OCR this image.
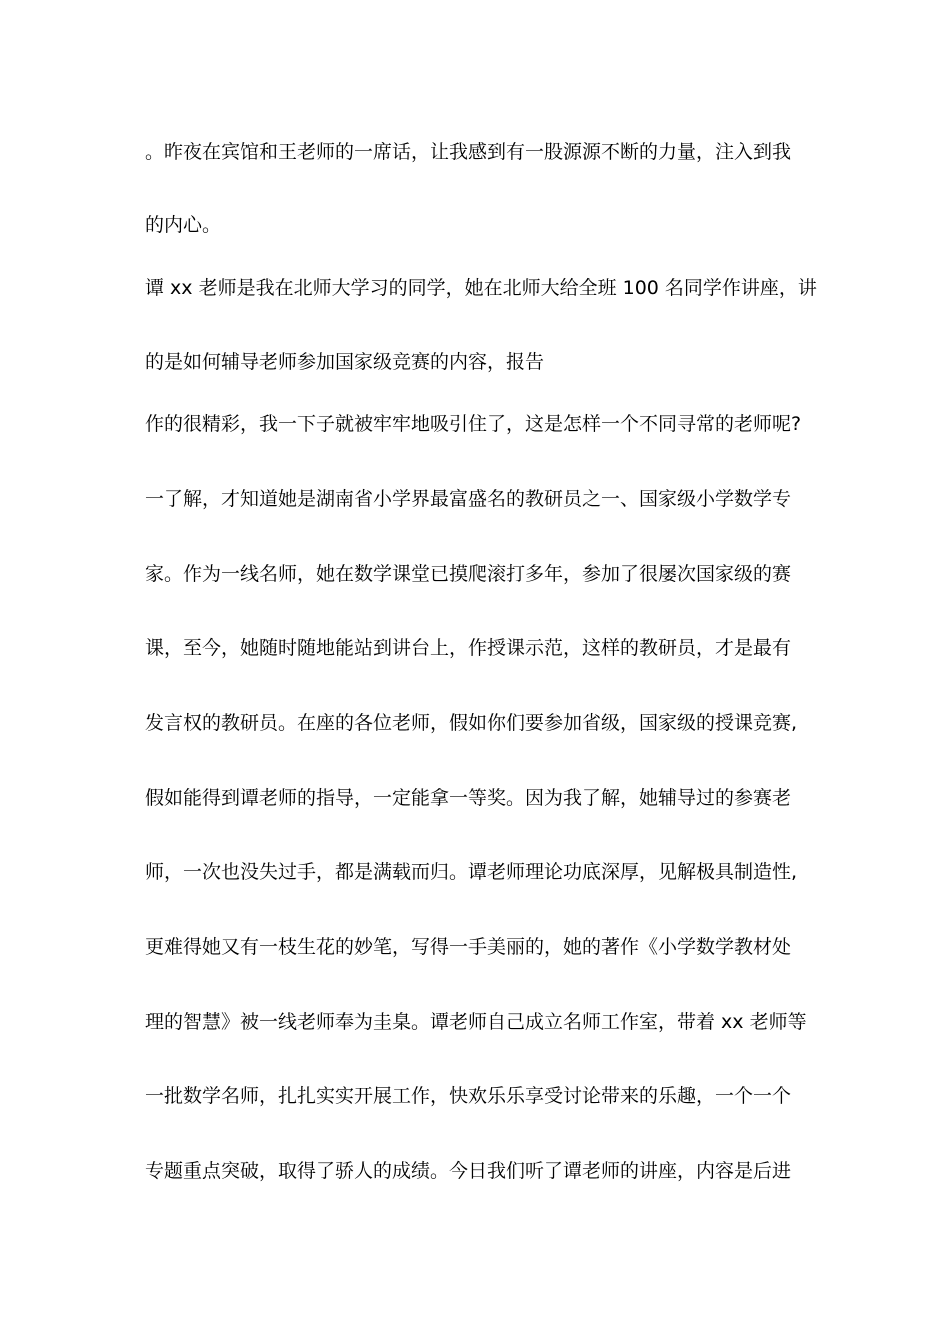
。昨夜在宾馆和王老师的一席话，让我感到有一股源源不断的力量，注入到我

的内心。

谭 xx 老师是我在北师大学习的同学，她在北师大给全班 100 名同学作讲座，讲

的是如何辅导老师参加国家级竞赛的内容，报告

作的很精彩，我一下子就被牢牢地吸引住了，这是怎样一个不同寻常的老师呢?

一了解，才知道她是湖南省小学界最富盛名的教研员之一、国家级小学数学专

家。作为一线名师，她在数学课堂已摸爬滚打多年，参加了很屡次国家级的赛

课，至今，她随时随地能站到讲台上，作授课示范，这样的教研员，才是最有

发言权的教研员。在座的各位老师，假如你们要参加省级，国家级的授课竞赛,

假如能得到谭老师的指导，一定能拿一等奖。因为我了解，她辅导过的参赛老

师，一次也没失过手，都是满载而归。谭老师理论功底深厚，见解极具制造性,

更难得她又有一枝生花的妙笔，写得一手美丽的，她的著作《小学数学教材处

理的智慧》被一线老师奉为圭臬。谭老师自己成立名师工作室，带着 xx 老师等

一批数学名师，扎扎实实开展工作，快欢乐乐享受讨论带来的乐趣，一个一个

专题重点突破，取得了骄人的成绩。今日我们听了谭老师的讲座，内容是后进
